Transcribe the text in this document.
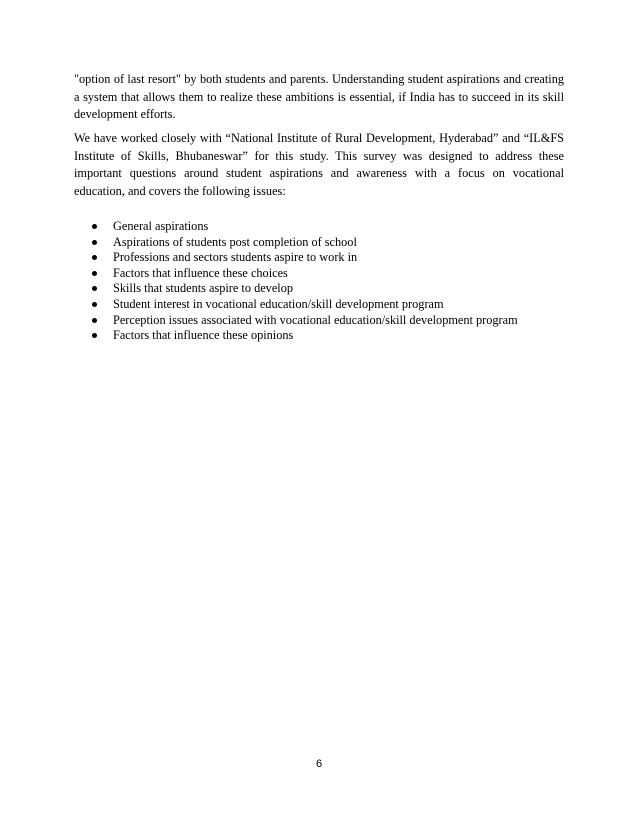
"option of last resort" by both students and parents. Understanding student aspirations and creating a system that allows them to realize these ambitions is essential, if India has to succeed in its skill development efforts.

We have worked closely with “National Institute of Rural Development, Hyderabad” and “IL&FS Institute of Skills, Bhubaneswar” for this study. This survey was designed to address these important questions around student aspirations and awareness with a focus on vocational education, and covers the following issues:

General aspirations
Aspirations of students post completion of school
Professions and sectors students aspire to work in
Factors that influence these choices
Skills that students aspire to develop
Student interest in vocational education/skill development program
Perception issues associated with vocational education/skill development program
Factors that influence these opinions
6
